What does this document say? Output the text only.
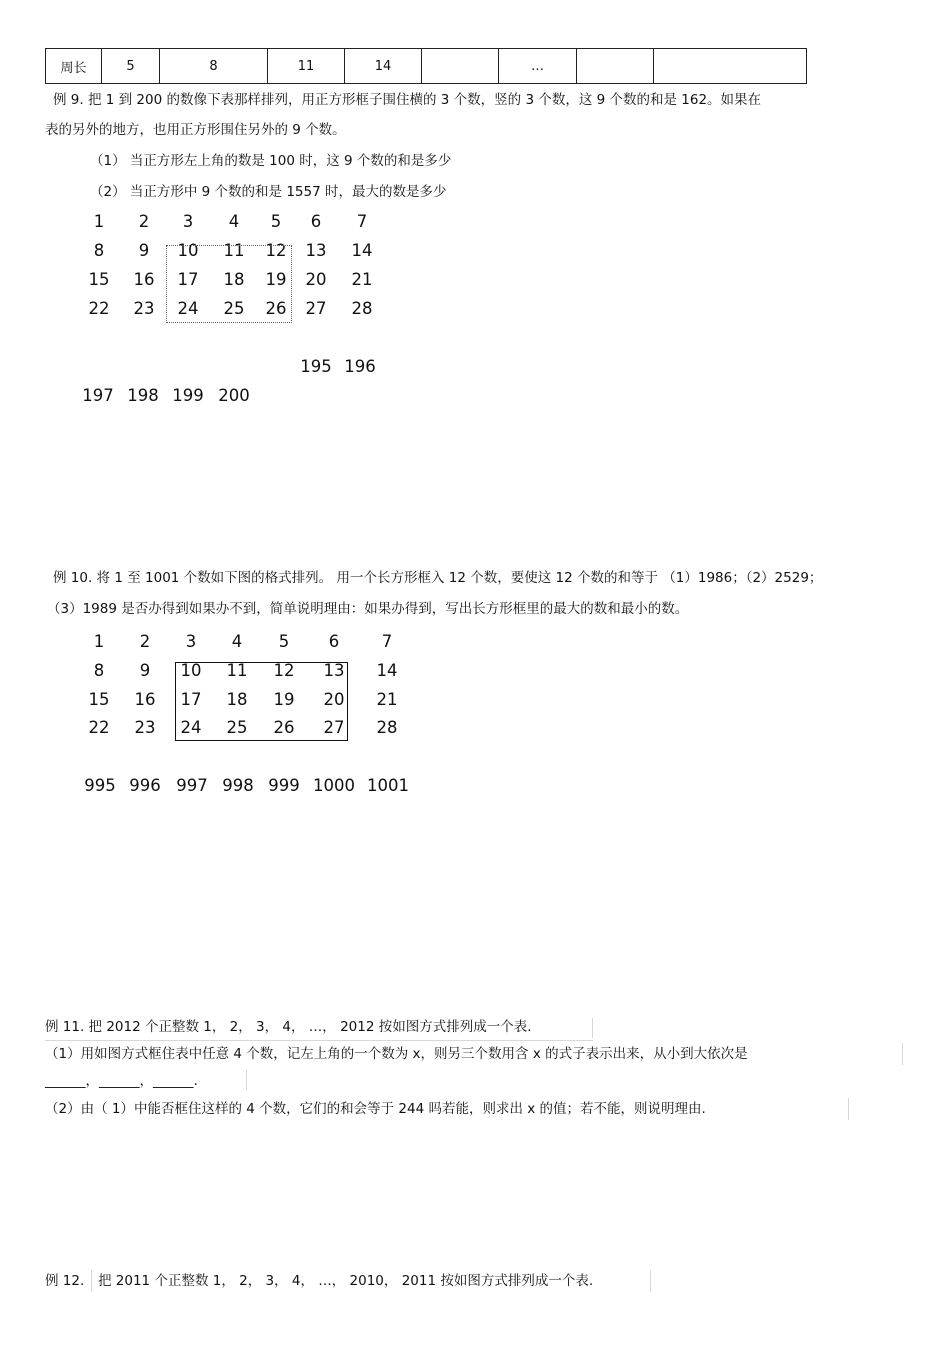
周长	5	8	11	14		…		
例 9. 把 1 到 200 的数像下表那样排列，用正方形框子围住横的 3 个数，竖的 3 个数，这 9 个数的和是 162。如果在
表的另外的地方，也用正方形围住另外的 9 个数。
（1） 当正方形左上角的数是 100 时，这 9 个数的和是多少
（2） 当正方形中 9 个数的和是 1557 时，最大的数是多少
1	2	3	4	5	6	7
8	9	10	11	12	13	14
15	16	17	18	19	20	21
22	23	24	25	26	27	28
195 196
197 198 199 200
例 10. 将 1 至 1001 个数如下图的格式排列。 用一个长方形框入 12 个数，要使这 12 个数的和等于 （1）1986；（2）2529；
（3）1989 是否办得到如果办不到，简单说明理由：如果办得到，写出长方形框里的最大的数和最小的数。
1	2	3	4	5	6	7
8	9	10	11	12	13	14
15	16	17	18	19	20	21
22	23	24	25	26	27	28
995 996 997 998 999 1000 1001
例 11. 把 2012 个正整数 1， 2， 3， 4， …， 2012 按如图方式排列成一个表.
（1）用如图方式框住表中任意 4 个数，记左上角的一个数为 x，则另三个数用含 x 的式子表示出来，从小到大依次是
______，______，______.
（2）由（ 1）中能否框住这样的 4 个数，它们的和会等于 244 吗若能，则求出 x 的值；若不能，则说明理由.
例 12. 把 2011 个正整数 1， 2， 3， 4， …， 2010， 2011 按如图方式排列成一个表.
